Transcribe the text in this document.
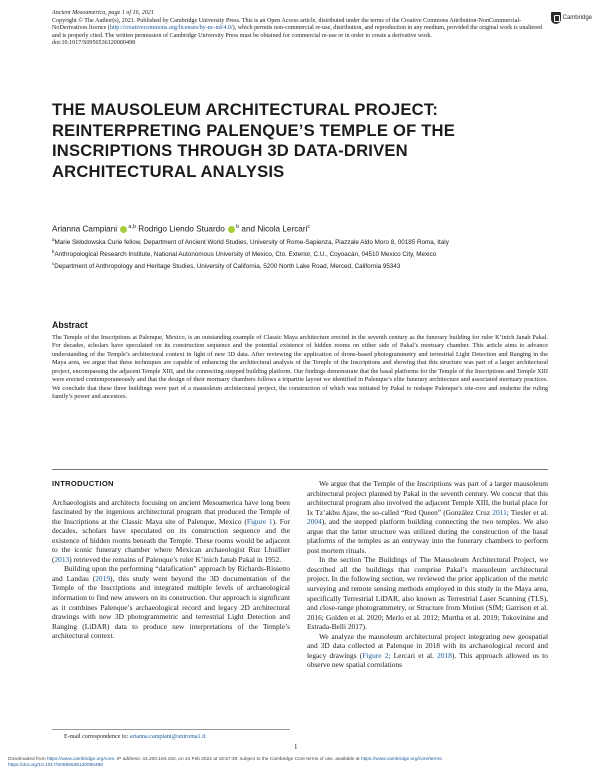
Ancient Mesoamerica, page 1 of 16, 2021

Copyright © The Author(s), 2021. Published by Cambridge University Press. This is an Open Access article, distributed under the terms of the Creative Commons Attribution-NonCommercial-NoDerivatives licence (http://creativecommons.org/licenses/by-nc-nd/4.0/), which permits non-commercial re-use, distribution, and reproduction in any medium, provided the original work is unaltered and is properly cited. The written permission of Cambridge University Press must be obtained for commercial re-use or in order to create a derivative work.

doi:10.1017/S0956536120000498

Cambridge
THE MAUSOLEUM ARCHITECTURAL PROJECT: REINTERPRETING PALENQUE’S TEMPLE OF THE INSCRIPTIONS THROUGH 3D DATA-DRIVEN ARCHITECTURAL ANALYSIS
Arianna Campiani $^{a,b}$ Rodrigo Liendo Stuardo $^b$ and Nicola Lercari$^c$

$^a$Marie Skłodowska Curie fellow, Department of Ancient World Studies, University of Rome-Sapienza, Piazzale Aldo Moro 8, 00185 Roma, Italy

$^b$Anthropological Research Institute, National Autonomous University of Mexico, Cto. Exterior, C.U., Coyoacán, 04510 Mexico City, Mexico

$^c$Department of Anthropology and Heritage Studies, University of California, 5200 North Lake Road, Merced, California 95343

Abstract

The Temple of the Inscriptions at Palenque, Mexico, is an outstanding example of Classic Maya architecture erected in the seventh century as the funerary building for ruler K’inich Janab Pakal. For decades, scholars have speculated on its construction sequence and the potential existence of hidden rooms on either side of Pakal’s mortuary chamber. This article aims to advance understanding of the Temple’s architectural context in light of new 3D data. After reviewing the application of drone-based photogrammetry and terrestrial Light Detection and Ranging in the Maya area, we argue that these techniques are capable of enhancing the architectural analysis of the Temple of the Inscriptions and showing that this structure was part of a larger architectural project, encompassing the adjacent Temple XIII, and the connecting stepped building platform. Our findings demonstrate that the basal platforms for the Temple of the Inscriptions and Temple XIII were erected contemporaneously and that the design of their mortuary chambers follows a tripartite layout we identified in Palenque’s elite funerary architecture and associated mortuary practices. We conclude that these three buildings were part of a mausoleum architectural project, the construction of which was initiated by Pakal to reshape Palenque’s site-core and enshrine the ruling family’s power and ancestors.

INTRODUCTION

Archaeologists and architects focusing on ancient Mesoamerica have long been fascinated by the ingenious architectural program that produced the Temple of the Inscriptions at the Classic Maya site of Palenque, Mexico (Figure 1). For decades, scholars have speculated on its construction sequence and the existence of hidden rooms beneath the Temple. These rooms would be adjacent to the iconic funerary chamber where Mexican archaeologist Ruz Lhuillier (2013) retrieved the remains of Palenque’s ruler K’inich Janab Pakal in 1952.

Building upon the performing “datafication” approach by Richards-Rissetto and Landau (2019), this study went beyond the 3D documentation of the Temple of the Inscriptions and integrated multiple levels of archaeological information to find new answers on its construction. Our approach is significant as it combines Palenque’s archaeological record and legacy 2D architectural drawings with new 3D photogrammetric and terrestrial Light Detection and Ranging (LiDAR) data to produce new interpretations of the Temple’s architectural context.

We argue that the Temple of the Inscriptions was part of a larger mausoleum architectural project planned by Pakal in the seventh century. We concur that this architectural program also involved the adjacent Temple XIII, the burial place for Ix Tz’akbu Ajaw, the so-called “Red Queen” (González Cruz 2011; Tiesler et al. 2004), and the stepped platform building connecting the two temples. We also argue that the latter structure was utilized during the construction of the basal platforms of the temples as an entryway into the funerary chambers to perform post mortem rituals.

In the section The Buildings of The Mausoleum Architectural Project, we described all the buildings that comprise Pakal’s mausoleum architectural project. In the following section, we reviewed the prior application of the metric surveying and remote sensing methods employed in this study in the Maya area, specifically Terrestrial LiDAR, also known as Terrestrial Laser Scanning (TLS), and close-range photogrammetry, or Structure from Motion (SfM; Garrison et al. 2016; Golden et al. 2020; Merlo et al. 2012; Murtha et al. 2019; Tokovinine and Estrada-Belli 2017).

We analyze the mausoleum architectural project integrating new geospatial and 3D data collected at Palenque in 2018 with its archaeological record and legacy drawings (Figure 2; Lercari et al. 2018). This approach allowed us to observe new spatial correlations

E-mail correspondence to: arianna.campiani@uniroma1.it
1
Downloaded from https://www.cambridge.org/core. IP address: 44.200.194.182, on 24 Feb 2022 at 16:57:39, subject to the Cambridge Core terms of use, available at https://www.cambridge.org/core/terms.
https://doi.org/10.1017/S0956536120000498
